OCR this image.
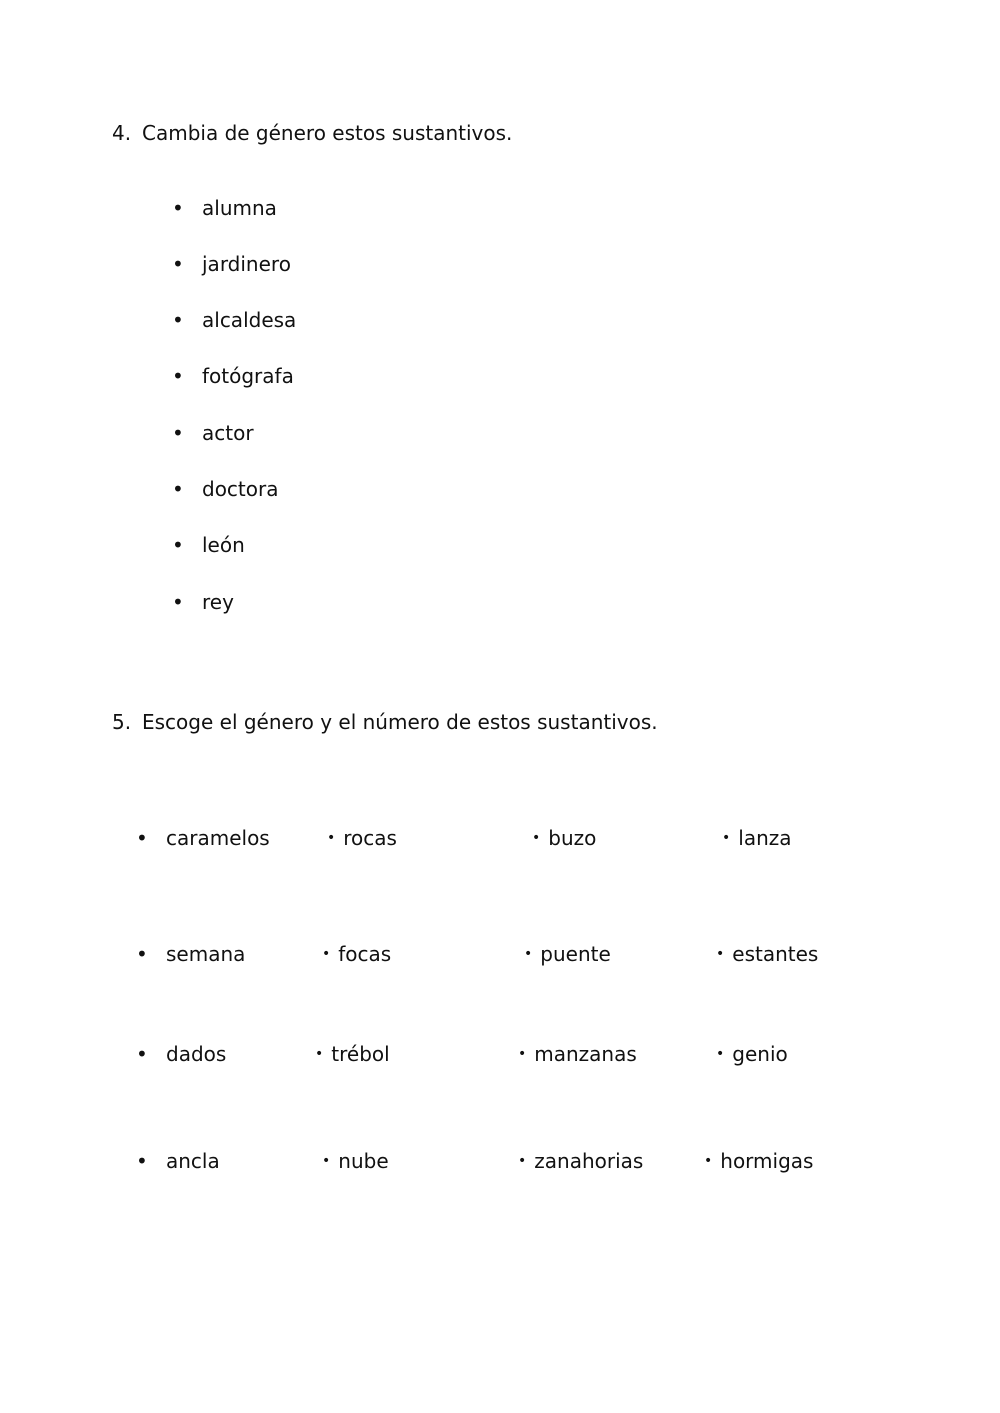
4. Cambia de género estos sustantivos.
• alumna
• jardinero
• alcaldesa
• fotógrafa
• actor
• doctora
• león
• rey
5. Escoge el género y el número de estos sustantivos.
• caramelos	• rocas	• buzo	• lanza
• semana	• focas	• puente	• estantes
• dados	• trébol	• manzanas	• genio
• ancla	• nube	• zanahorias	• hormigas
